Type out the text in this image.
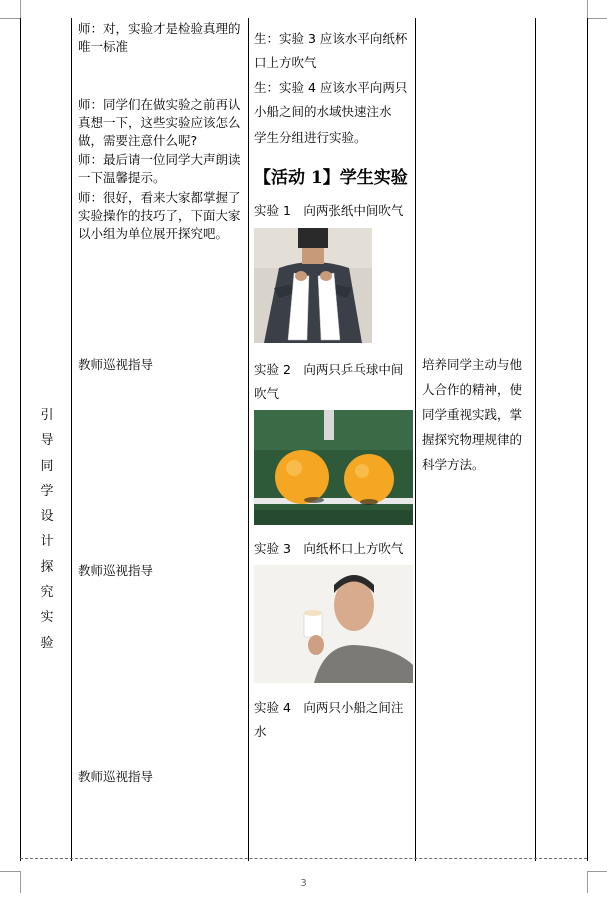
引导同学设计探究实验
师：对，实验才是检验真理的唯一标准
师：同学们在做实验之前再认真想一下，这些实验应该怎么做，需要注意什么呢?
师：最后请一位同学大声朗读一下温馨提示。
师：很好，看来大家都掌握了实验操作的技巧了，下面大家以小组为单位展开探究吧。
教师巡视指导
教师巡视指导
教师巡视指导
生：实验 3 应该水平向纸杯口上方吹气
生：实验 4 应该水平向两只小船之间的水域快速注水
学生分组进行实验。
【活动 1】学生实验
实验 1　向两张纸中间吹气
实验 2　向两只乒乓球中间吹气
实验 3　向纸杯口上方吹气
实验 4　向两只小船之间注水
培养同学主动与他人合作的精神，使同学重视实践，掌握探究物理规律的科学方法。
3
